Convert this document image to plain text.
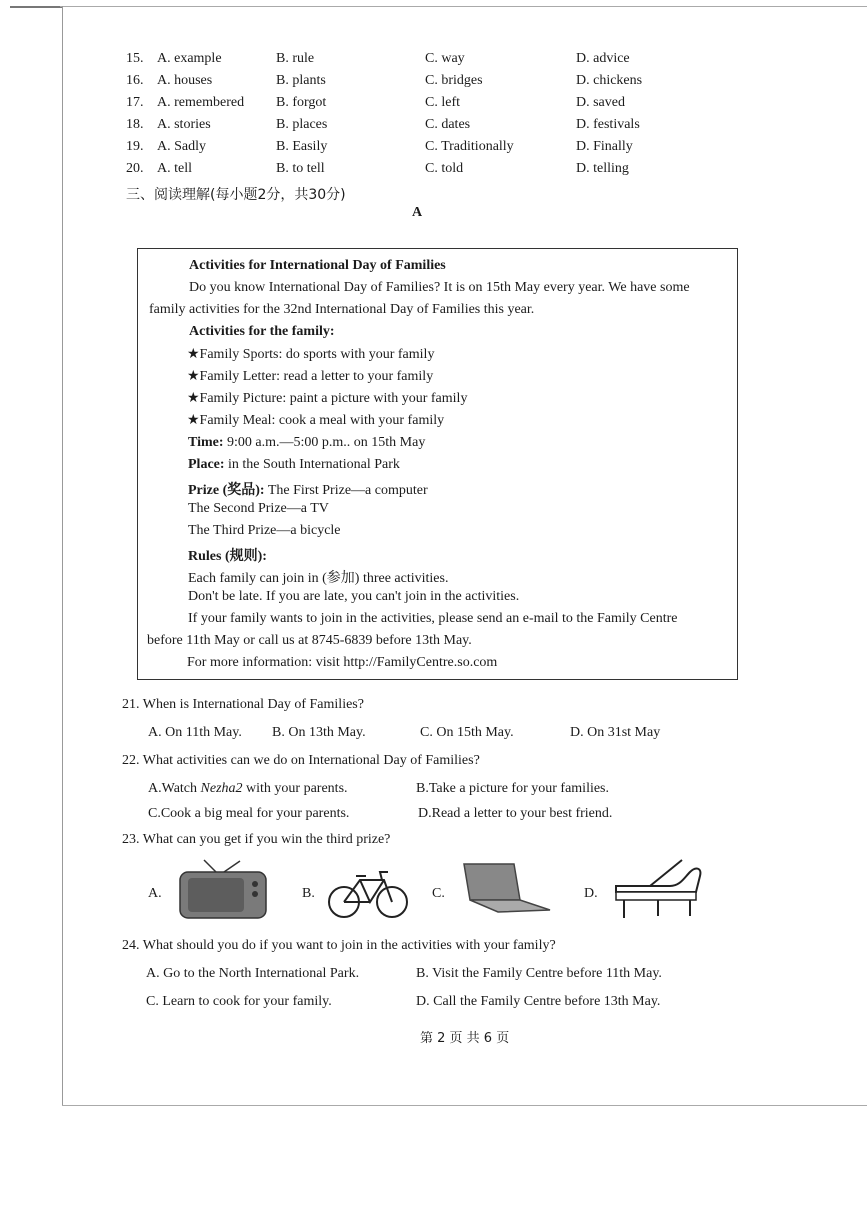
15. A. example	B. rule	C. way	D. advice
16. A. houses	B. plants	C. bridges	D. chickens
17. A. remembered B. forgot	C. left	D. saved
18. A. stories	B. places	C. dates	D. festivals
19. A. Sadly	B. Easily	C. Traditionally	D. Finally
20. A. tell	B. to tell	C. told	D. telling
三、阅读理解(每小题2分，共30分)
A
Activities for International Day of Families
Do you know International Day of Families? It is on 15th May every year. We have some
family activities for the 32nd International Day of Families this year.
Activities for the family:
★Family Sports: do sports with your family
★Family Letter: read a letter to your family
★Family Picture: paint a picture with your family
★Family Meal: cook a meal with your family
Time: 9:00 a.m.—5:00 p.m.. on 15th May
Place: in the South International Park
Prize (奖品): The First Prize—a computer
The Second Prize—a TV
The Third Prize—a bicycle
Rules (规则):
Each family can join in (参加) three activities.
Don't be late. If you are late, you can't join in the activities.
If your family wants to join in the activities, please send an e-mail to the Family Centre
before 11th May or call us at 8745-6839 before 13th May.
For more information: visit http://FamilyCentre.so.com
21. When is International Day of Families?
A. On 11th May. B. On 13th May.	C. On 15th May.	D. On 31st May
22. What activities can we do on International Day of Families?
A.Watch Nezha2 with your parents.	B.Take a picture for your families.
C.Cook a big meal for your parents.	D.Read a letter to your best friend.
23. What can you get if you win the third prize?
A.	B.	C.	D.
24. What should you do if you want to join in the activities with your family?
A. Go to the North International Park.	B. Visit the Family Centre before 11th May.
C. Learn to cook for your family.	D. Call the Family Centre before 13th May.
第 2 页 共 6 页
